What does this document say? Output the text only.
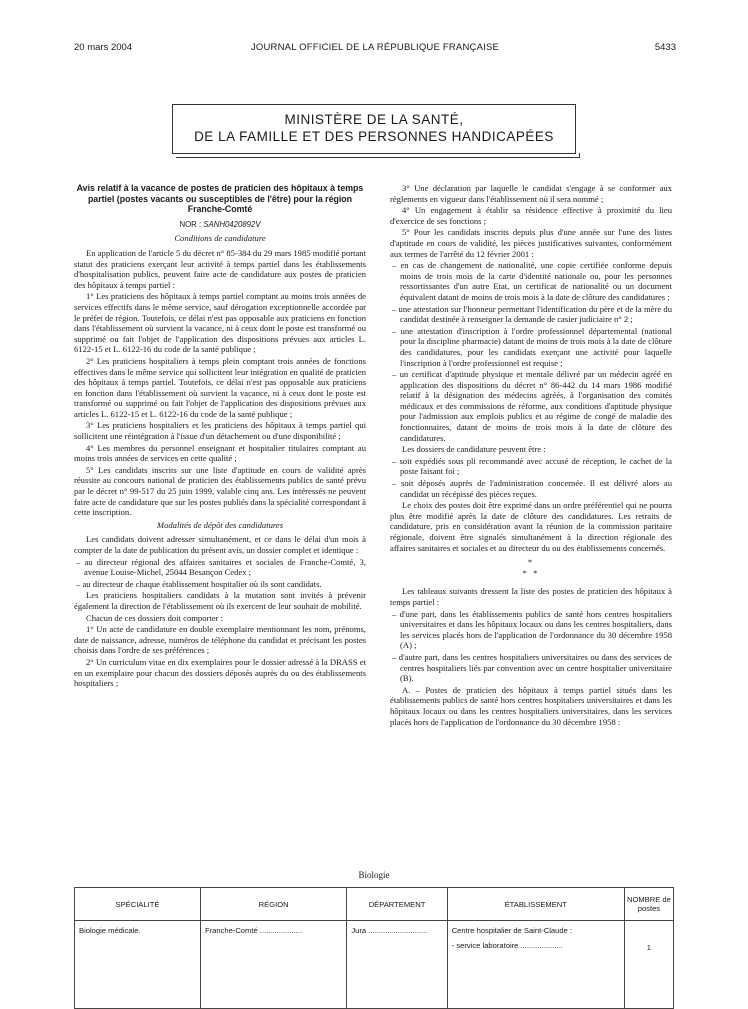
20 mars 2004	JOURNAL OFFICIEL DE LA RÉPUBLIQUE FRANÇAISE	5433
MINISTÈRE DE LA SANTÉ,
DE LA FAMILLE ET DES PERSONNES HANDICAPÉES
Avis relatif à la vacance de postes de praticien des hôpitaux à temps partiel (postes vacants ou susceptibles de l'être) pour la région Franche-Comté
NOR : SANH0420892V
Conditions de candidature

En application de l'article 5 du décret n° 85-384 du 29 mars 1985 modifié portant statut des praticiens exerçant leur activité à temps partiel dans les établissements d'hospitalisation publics, peuvent faire acte de candidature aux postes de praticien des hôpitaux à temps partiel :

1° Les praticiens des hôpitaux à temps partiel comptant au moins trois années de services effectifs dans le même service, sauf dérogation exceptionnelle accordée par le préfet de région. Toutefois, ce délai n'est pas opposable aux praticiens en fonction dans l'établissement où survient la vacance, ni à ceux dont le poste est transformé ou supprimé ou fait l'objet de l'application des dispositions prévues aux articles L. 6122-15 et L. 6122-16 du code de la santé publique ;

2° Les praticiens hospitaliers à temps plein comptant trois années de fonctions effectives dans le même service qui sollicitent leur intégration en qualité de praticien des hôpitaux à temps partiel. Toutefois, ce délai n'est pas opposable aux praticiens en fonction dans l'établissement où survient la vacance, ni à ceux dont le poste est transformé ou supprimé ou fait l'objet de l'application des dispositions prévues aux articles L. 6122-15 et L. 6122-16 du code de la santé publique ;

3° Les praticiens hospitaliers et les praticiens des hôpitaux à temps partiel qui sollicitent une réintégration à l'issue d'un détachement ou d'une disponibilité ;

4° Les membres du personnel enseignant et hospitalier titulaires comptant au moins trois années de services en cette qualité ;

5° Les candidats inscrits sur une liste d'aptitude en cours de validité après réussite au concours national de praticien des établissements publics de santé prévu par le décret n° 99-517 du 25 juin 1999, valable cinq ans. Les intéressés ne peuvent faire acte de candidature que sur les postes publiés dans la spécialité correspondant à cette inscription.

Modalités de dépôt des candidatures

Les candidats doivent adresser simultanément, et ce dans le délai d'un mois à compter de la date de publication du présent avis, un dossier complet et identique :

– au directeur régional des affaires sanitaires et sociales de Franche-Comté, 3, avenue Louise-Michel, 25044 Besançon Cedex ;
– au directeur de chaque établissement hospitalier où ils sont candidats.

Les praticiens hospitaliers candidats à la mutation sont invités à prévenir également la direction de l'établissement où ils exercent de leur souhait de mobilité.

Chacun de ces dossiers doit comporter :

1° Un acte de candidature en double exemplaire mentionnant les nom, prénoms, date de naissance, adresse, numéros de téléphone du candidat et précisant les postes choisis dans l'ordre de ses préférences ;

2° Un curriculum vitae en dix exemplaires pour le dossier adressé à la DRASS et en un exemplaire pour chacun des dossiers déposés auprès du ou des établissements hospitaliers ;

3° Une déclaration par laquelle le candidat s'engage à se conformer aux règlements en vigueur dans l'établissement où il sera nommé ;

4° Un engagement à établir sa résidence effective à proximité du lieu d'exercice de ses fonctions ;

5° Pour les candidats inscrits depuis plus d'une année sur l'une des listes d'aptitude en cours de validité, les pièces justificatives suivantes, conformément aux termes de l'arrêté du 12 février 2001 :

– en cas de changement de nationalité, une copie certifiée conforme depuis moins de trois mois de la carte d'identité nationale ou, pour les personnes ressortissantes d'un autre Etat, un certificat de nationalité ou un document équivalent datant de moins de trois mois à la date de clôture des candidatures ;
– une attestation sur l'honneur permettant l'identification du père et de la mère du candidat destinée à renseigner la demande de casier judiciaire n° 2 ;
– une attestation d'inscription à l'ordre professionnel départemental (national pour la discipline pharmacie) datant de moins de trois mois à la date de clôture des candidatures, pour les candidats exerçant une activité pour laquelle l'inscription à l'ordre professionnel est requise ;
– un certificat d'aptitude physique et mentale délivré par un médecin agréé en application des dispositions du décret n° 86-442 du 14 mars 1986 modifié relatif à la désignation des médecins agréés, à l'organisation des comités médicaux et des commissions de réforme, aux conditions d'aptitude physique pour l'admission aux emplois publics et au régime de congé de maladie des fonctionnaires, datant de moins de trois mois à la date de clôture des candidatures.

Les dossiers de candidature peuvent être :

– soit expédiés sous pli recommandé avec accusé de réception, le cachet de la poste faisant foi ;
– soit déposés auprès de l'administration concernée. Il est délivré alors au candidat un récépissé des pièces reçues.

Le choix des postes doit être exprimé dans un ordre préférentiel qui ne pourra plus être modifié après la date de clôture des candidatures. Les retraits de candidature, pris en considération avant la réunion de la commission paritaire régionale, doivent être signalés simultanément à la direction régionale des affaires sanitaires et sociales et au directeur du ou des établissements concernés.

*
* *

Les tableaux suivants dressent la liste des postes de praticien des hôpitaux à temps partiel :

– d'une part, dans les établissements publics de santé hors centres hospitaliers universitaires et dans les hôpitaux locaux ou dans les centres hospitaliers, dans les services placés hors de l'application de l'ordonnance du 30 décembre 1958 (A) ;
– d'autre part, dans les centres hospitaliers universitaires ou dans des services de centres hospitaliers liés par convention avec un centre hospitalier universitaire (B).

A. – Postes de praticien des hôpitaux à temps partiel situés dans les établissements publics de santé hors centres hospitaliers universitaires et dans les hôpitaux locaux ou dans les centres hospitaliers universitaires, dans les services placés hors de l'application de l'ordonnance du 30 décembre 1958 :

Biologie
SPÉCIALITÉ	RÉGION	DÉPARTEMENT	ÉTABLISSEMENT	NOMBRE de postes
Biologie médicale.	Franche-Comté ....................	Jura ............................	Centre hospitalier de Saint-Claude :
- service laboratoire ....................	1
